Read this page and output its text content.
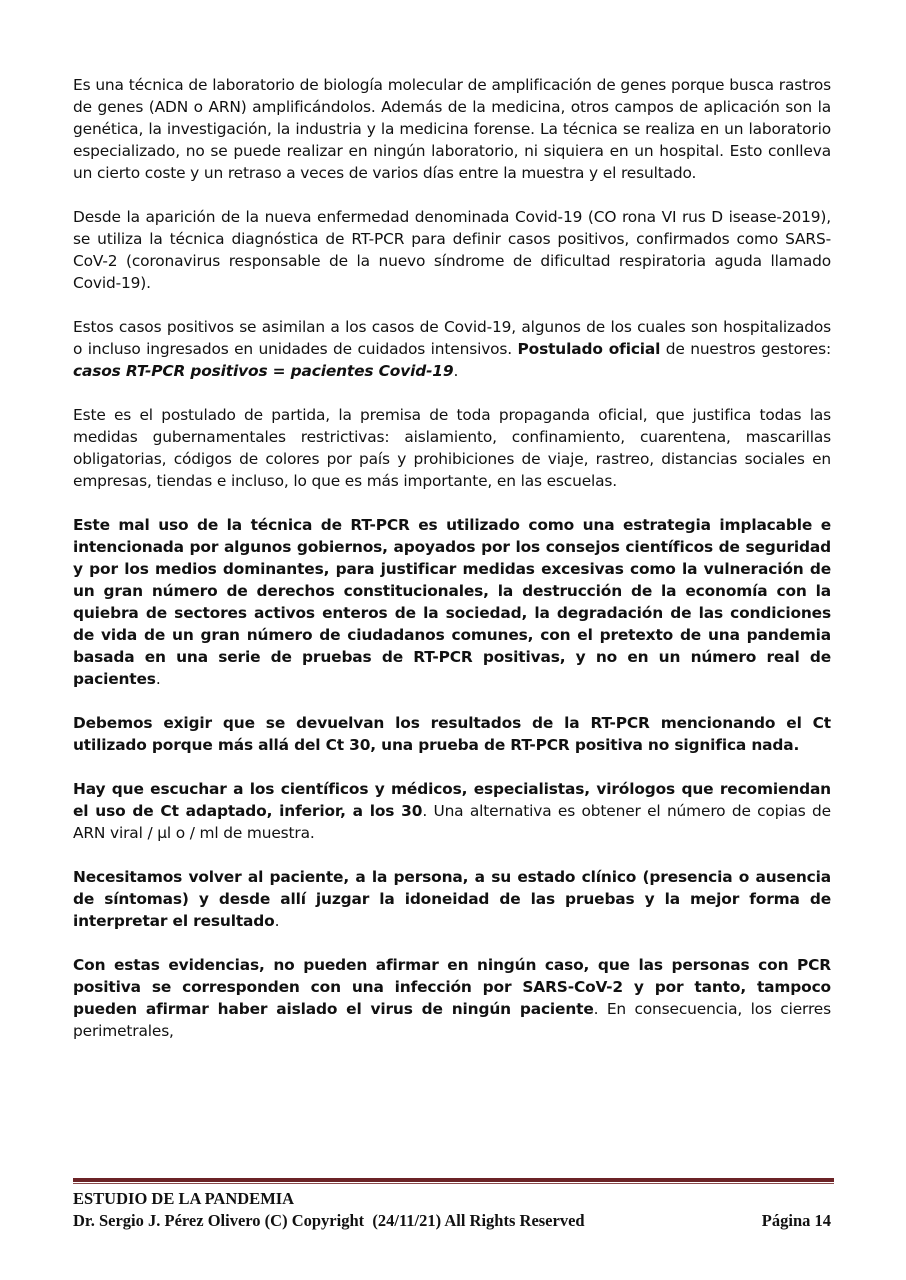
Es una técnica de laboratorio de biología molecular de amplificación de genes porque busca rastros de genes (ADN o ARN) amplificándolos. Además de la medicina, otros campos de aplicación son la genética, la investigación, la industria y la medicina forense. La técnica se realiza en un laboratorio especializado, no se puede realizar en ningún laboratorio, ni siquiera en un hospital. Esto conlleva un cierto coste y un retraso a veces de varios días entre la muestra y el resultado.

Desde la aparición de la nueva enfermedad denominada Covid-19 (CO rona VI rus D isease-2019), se utiliza la técnica diagnóstica de RT-PCR para definir casos positivos, confirmados como SARS-CoV-2 (coronavirus responsable de la nuevo síndrome de dificultad respiratoria aguda llamado Covid-19).

Estos casos positivos se asimilan a los casos de Covid-19, algunos de los cuales son hospitalizados o incluso ingresados en unidades de cuidados intensivos. Postulado oficial de nuestros gestores: casos RT-PCR positivos = pacientes Covid-19.

Este es el postulado de partida, la premisa de toda propaganda oficial, que justifica todas las medidas gubernamentales restrictivas: aislamiento, confinamiento, cuarentena, mascarillas obligatorias, códigos de colores por país y prohibiciones de viaje, rastreo, distancias sociales en empresas, tiendas e incluso, lo que es más importante, en las escuelas.

Este mal uso de la técnica de RT-PCR es utilizado como una estrategia implacable e intencionada por algunos gobiernos, apoyados por los consejos científicos de seguridad y por los medios dominantes, para justificar medidas excesivas como la vulneración de un gran número de derechos constitucionales, la destrucción de la economía con la quiebra de sectores activos enteros de la sociedad, la degradación de las condiciones de vida de un gran número de ciudadanos comunes, con el pretexto de una pandemia basada en una serie de pruebas de RT-PCR positivas, y no en un número real de pacientes.

Debemos exigir que se devuelvan los resultados de la RT-PCR mencionando el Ct utilizado porque más allá del Ct 30, una prueba de RT-PCR positiva no significa nada.

Hay que escuchar a los científicos y médicos, especialistas, virólogos que recomiendan el uso de Ct adaptado, inferior, a los 30. Una alternativa es obtener el número de copias de ARN viral / µl o / ml de muestra.

Necesitamos volver al paciente, a la persona, a su estado clínico (presencia o ausencia de síntomas) y desde allí juzgar la idoneidad de las pruebas y la mejor forma de interpretar el resultado.

Con estas evidencias, no pueden afirmar en ningún caso, que las personas con PCR positiva se corresponden con una infección por SARS-CoV-2 y por tanto, tampoco pueden afirmar haber aislado el virus de ningún paciente. En consecuencia, los cierres perimetrales,

ESTUDIO DE LA PANDEMIA
Dr. Sergio J. Pérez Olivero (C) Copyright  (24/11/21) All Rights Reserved	Página 14
